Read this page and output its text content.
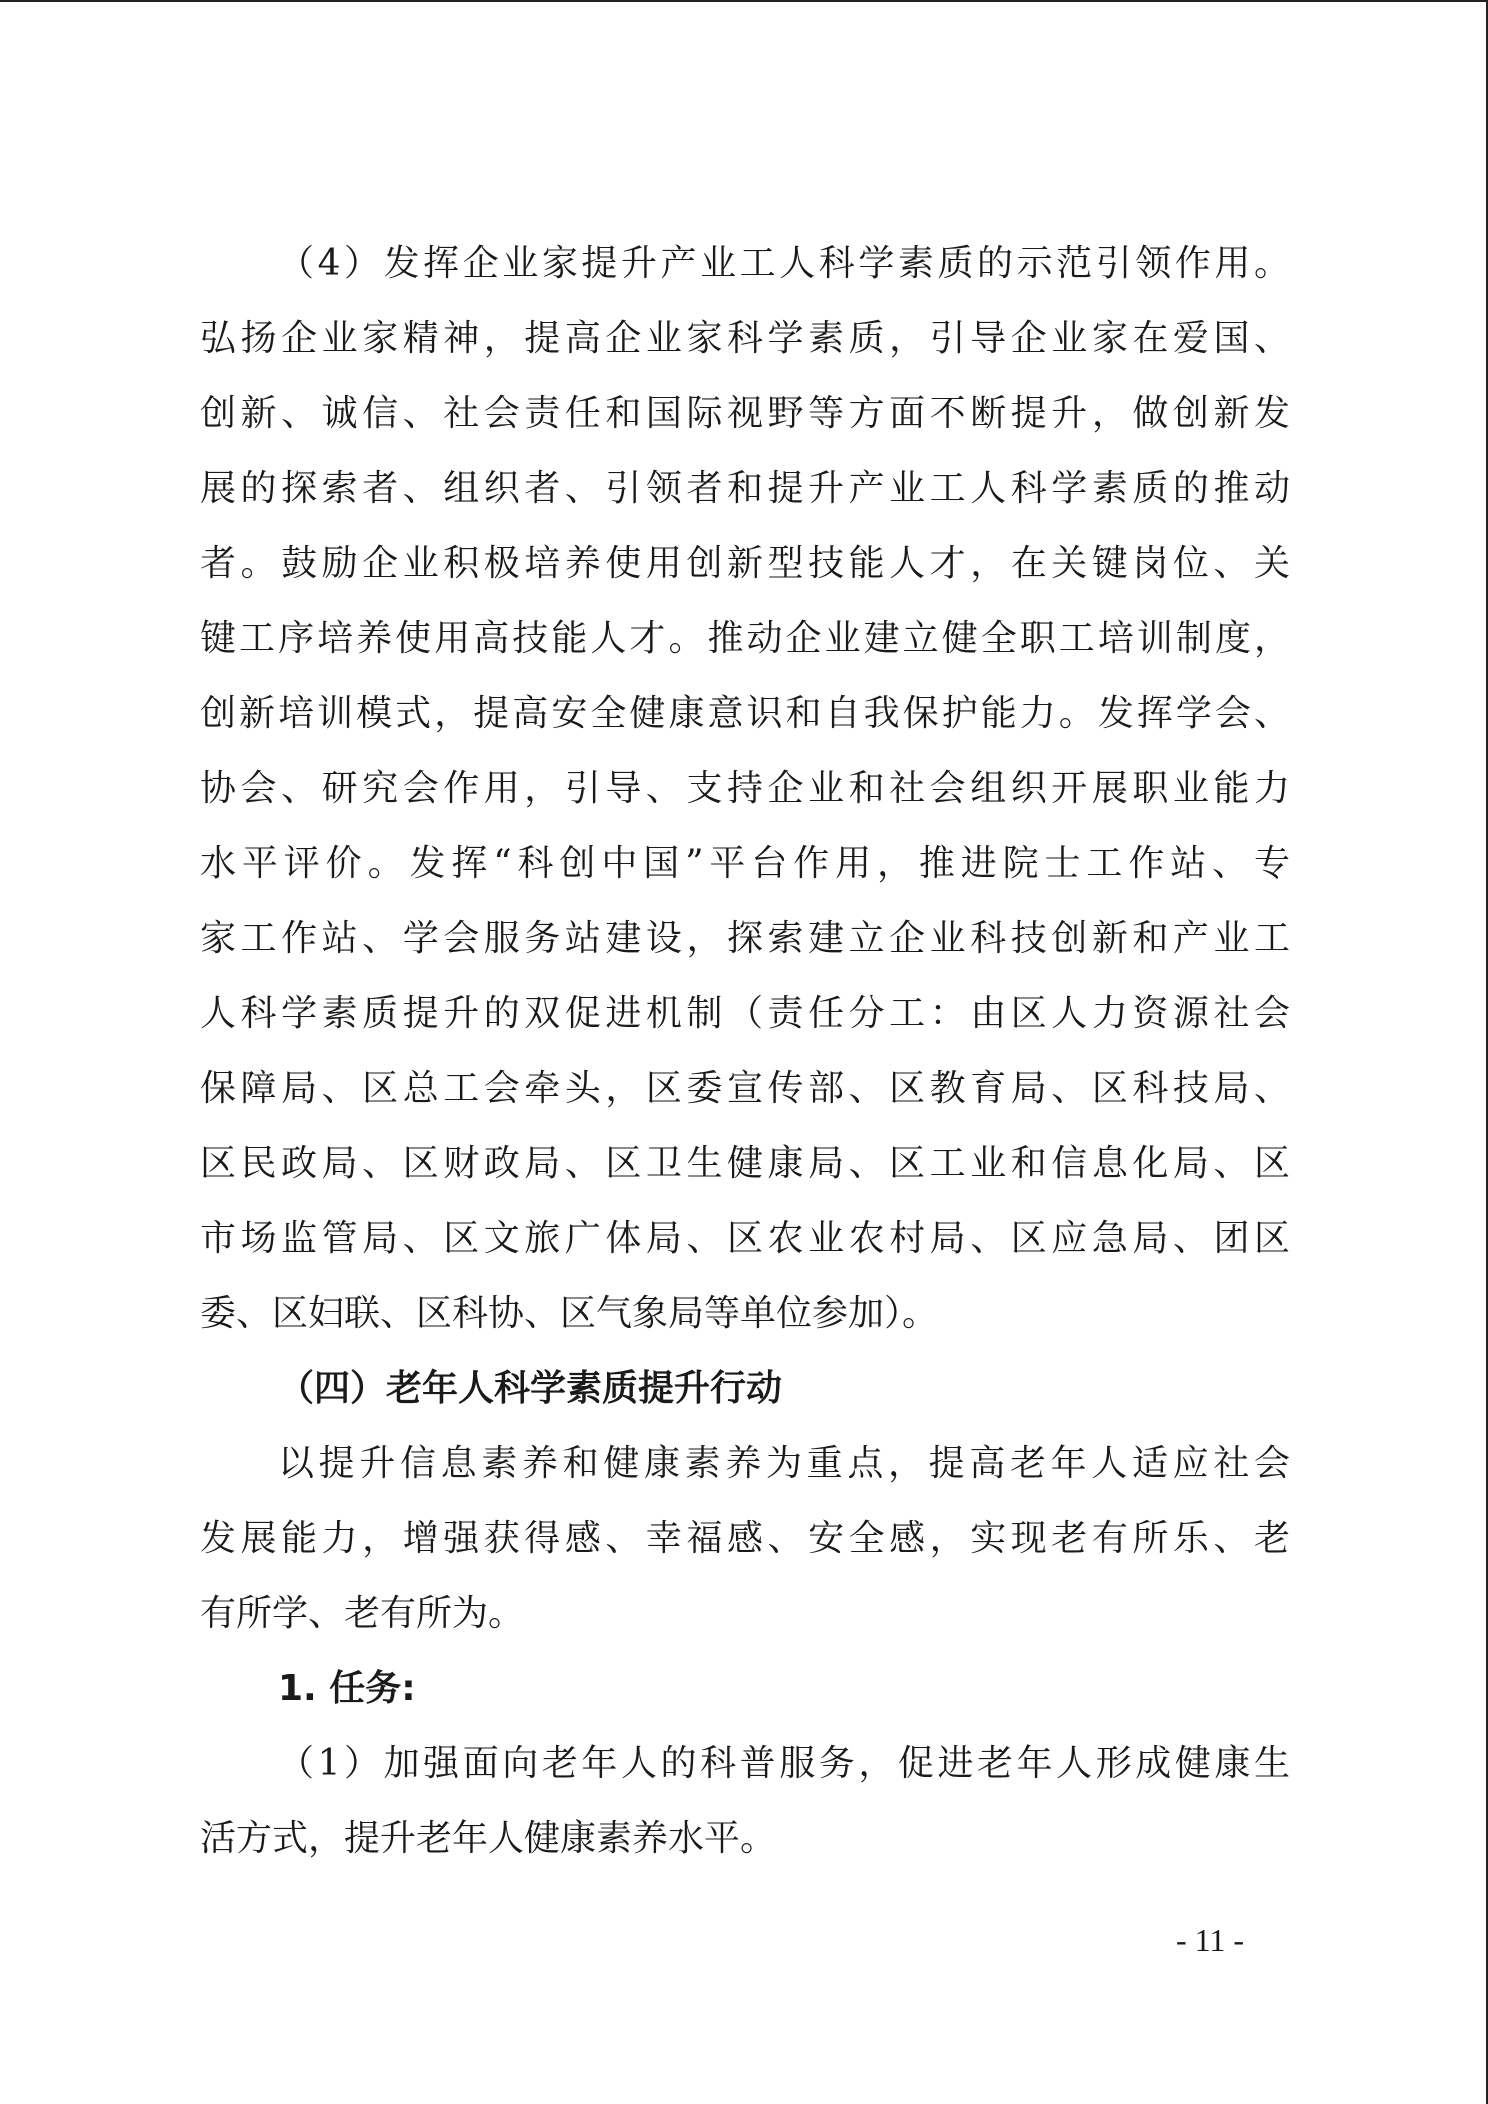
（4）发挥企业家提升产业工人科学素质的示范引领作用。
弘扬企业家精神，提高企业家科学素质，引导企业家在爱国、
创新、诚信、社会责任和国际视野等方面不断提升，做创新发
展的探索者、组织者、引领者和提升产业工人科学素质的推动
者。鼓励企业积极培养使用创新型技能人才，在关键岗位、关
键工序培养使用高技能人才。推动企业建立健全职工培训制度，
创新培训模式，提高安全健康意识和自我保护能力。发挥学会、
协会、研究会作用，引导、支持企业和社会组织开展职业能力
水平评价。发挥“科创中国”平台作用，推进院士工作站、专
家工作站、学会服务站建设，探索建立企业科技创新和产业工
人科学素质提升的双促进机制（责任分工：由区人力资源社会
保障局、区总工会牵头，区委宣传部、区教育局、区科技局、
区民政局、区财政局、区卫生健康局、区工业和信息化局、区
市场监管局、区文旅广体局、区农业农村局、区应急局、团区
委、区妇联、区科协、区气象局等单位参加）。
（四）老年人科学素质提升行动
以提升信息素养和健康素养为重点，提高老年人适应社会
发展能力，增强获得感、幸福感、安全感，实现老有所乐、老
有所学、老有所为。
1. 任务:
（1）加强面向老年人的科普服务，促进老年人形成健康生
活方式，提升老年人健康素养水平。
- 11 -
